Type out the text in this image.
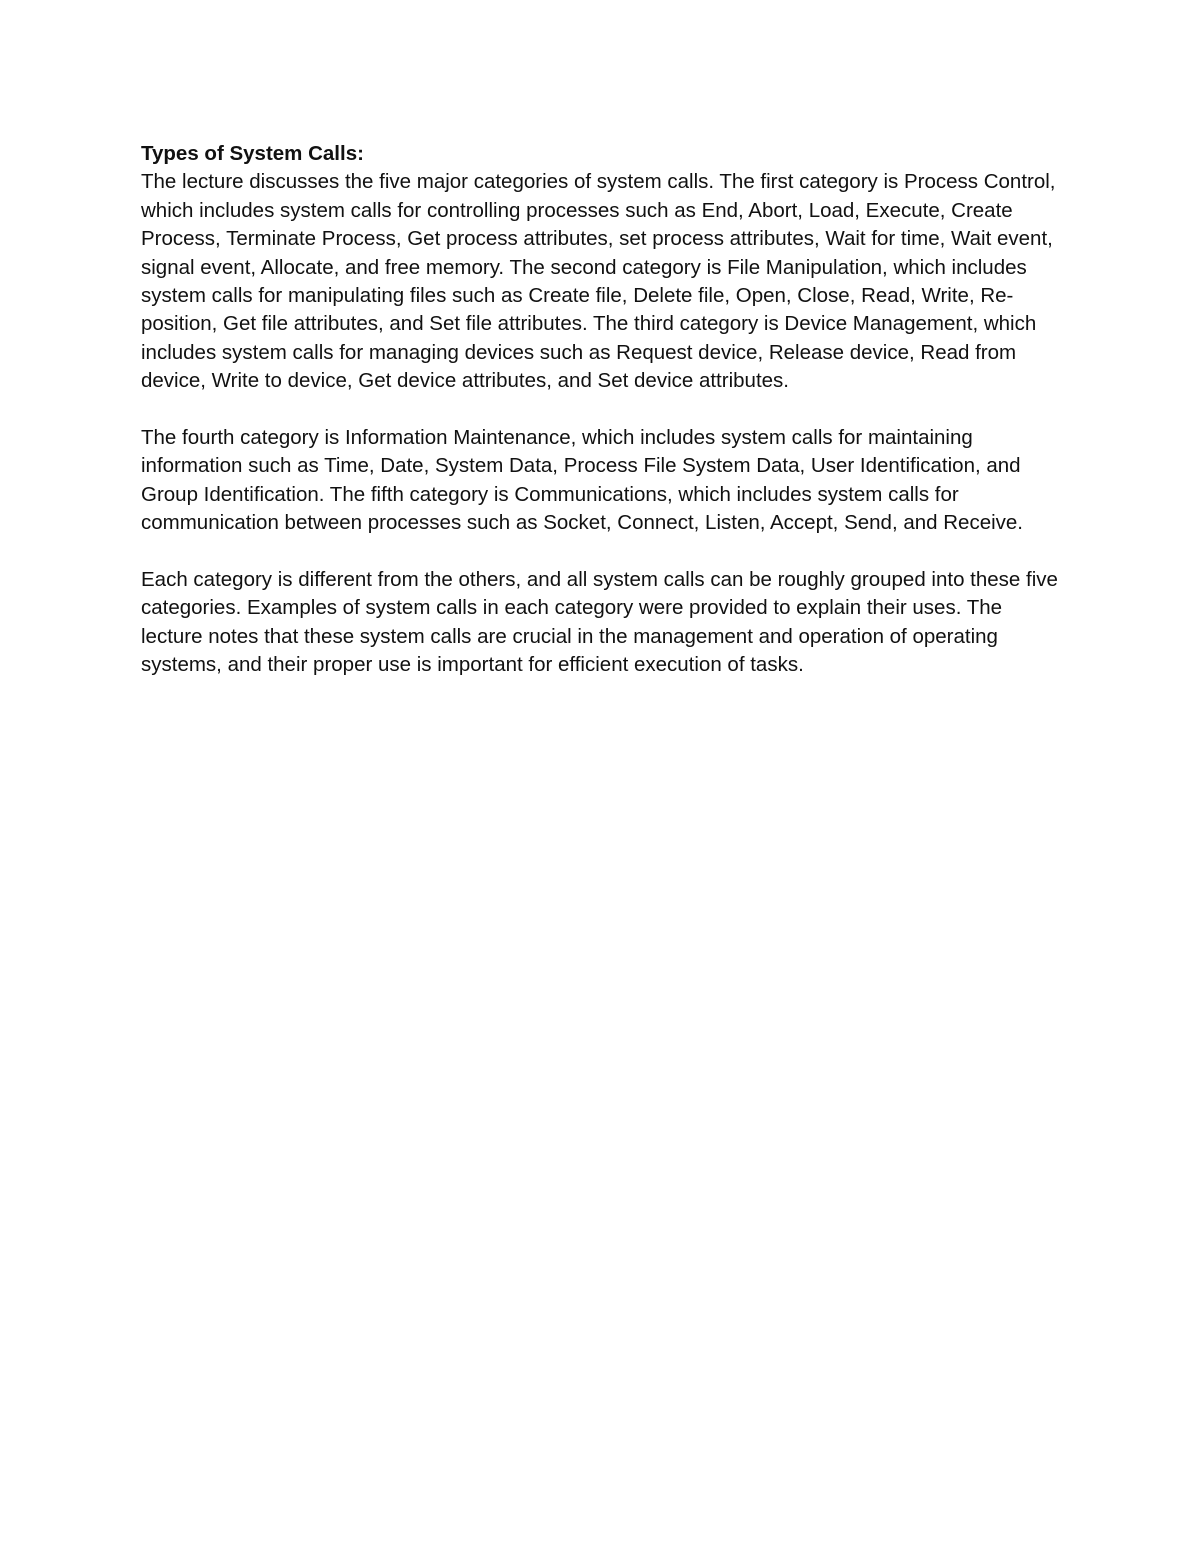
Types of System Calls:

The lecture discusses the five major categories of system calls. The first category is Process Control, which includes system calls for controlling processes such as End, Abort, Load, Execute, Create Process, Terminate Process, Get process attributes, set process attributes, Wait for time, Wait event, signal event, Allocate, and free memory. The second category is File Manipulation, which includes system calls for manipulating files such as Create file, Delete file, Open, Close, Read, Write, Re-position, Get file attributes, and Set file attributes. The third category is Device Management, which includes system calls for managing devices such as Request device, Release device, Read from device, Write to device, Get device attributes, and Set device attributes.

The fourth category is Information Maintenance, which includes system calls for maintaining information such as Time, Date, System Data, Process File System Data, User Identification, and Group Identification. The fifth category is Communications, which includes system calls for communication between processes such as Socket, Connect, Listen, Accept, Send, and Receive.

Each category is different from the others, and all system calls can be roughly grouped into these five categories. Examples of system calls in each category were provided to explain their uses. The lecture notes that these system calls are crucial in the management and operation of operating systems, and their proper use is important for efficient execution of tasks.
